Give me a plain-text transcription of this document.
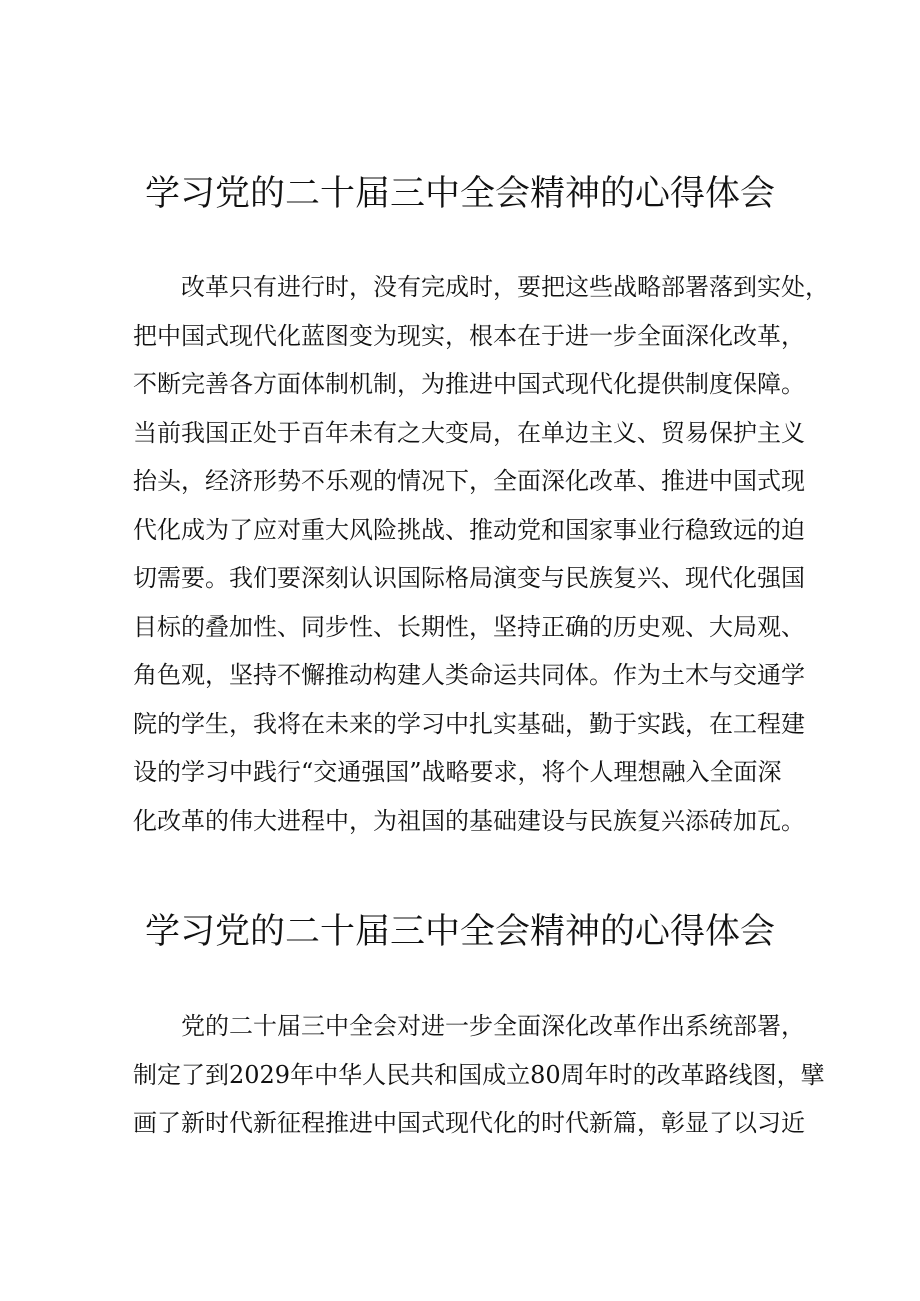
学习党的二十届三中全会精神的心得体会
改革只有进行时，没有完成时，要把这些战略部署落到实处，
把中国式现代化蓝图变为现实，根本在于进一步全面深化改革，
不断完善各方面体制机制，为推进中国式现代化提供制度保障。
当前我国正处于百年未有之大变局，在单边主义、贸易保护主义
抬头，经济形势不乐观的情况下，全面深化改革、推进中国式现
代化成为了应对重大风险挑战、推动党和国家事业行稳致远的迫
切需要。我们要深刻认识国际格局演变与民族复兴、现代化强国
目标的叠加性、同步性、长期性，坚持正确的历史观、大局观、
角色观，坚持不懈推动构建人类命运共同体。作为土木与交通学
院的学生，我将在未来的学习中扎实基础，勤于实践，在工程建
设的学习中践行“交通强国”战略要求，将个人理想融入全面深
化改革的伟大进程中，为祖国的基础建设与民族复兴添砖加瓦。
学习党的二十届三中全会精神的心得体会
党的二十届三中全会对进一步全面深化改革作出系统部署，
制定了到2029年中华人民共和国成立80周年时的改革路线图，擘
画了新时代新征程推进中国式现代化的时代新篇，彰显了以习近
